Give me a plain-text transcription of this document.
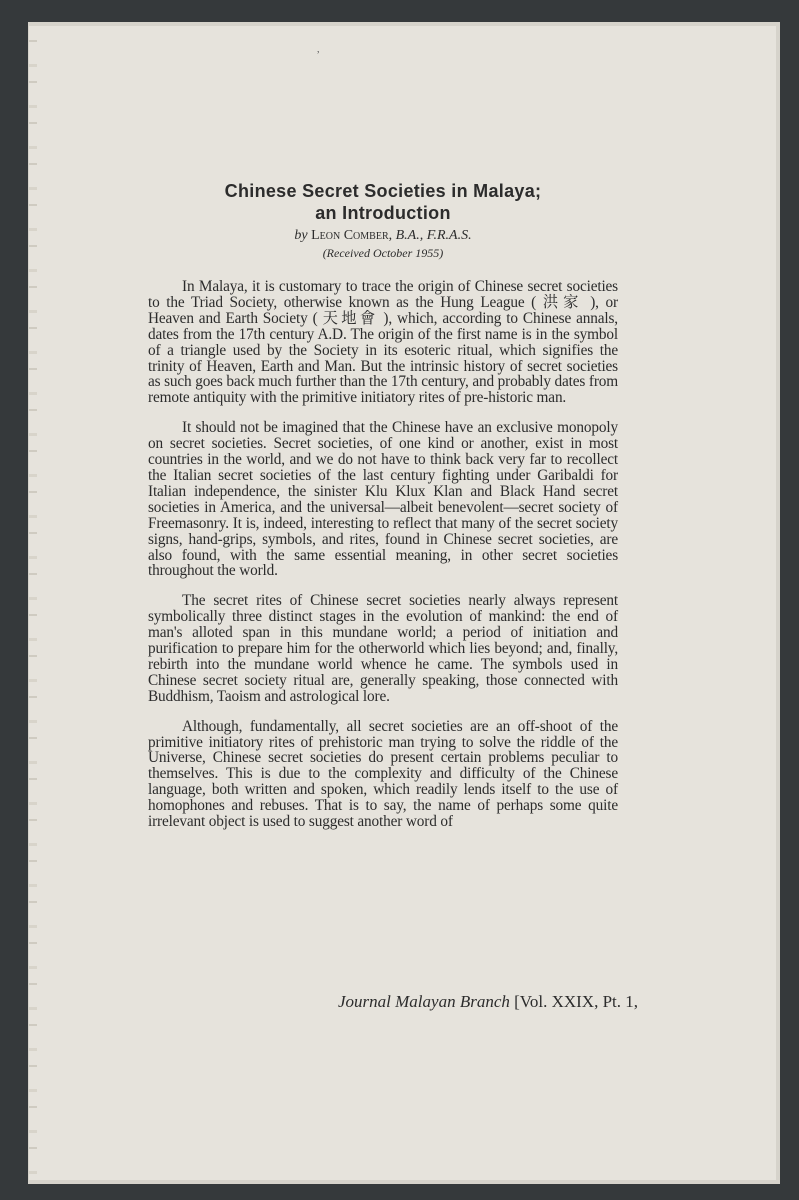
,
Chinese Secret Societies in Malaya;
an Introduction
by Leon Comber, B.A., F.R.A.S.
(Received October 1955)

In Malaya, it is customary to trace the origin of Chinese secret societies to the Triad Society, otherwise known as the Hung League ( 洪家 ), or Heaven and Earth Society ( 天地會 ), which, according to Chinese annals, dates from the 17th century A.D. The origin of the first name is in the symbol of a triangle used by the Society in its esoteric ritual, which signifies the trinity of Heaven, Earth and Man. But the intrinsic history of secret societies as such goes back much further than the 17th century, and probably dates from remote antiquity with the primitive initiatory rites of pre-historic man.

It should not be imagined that the Chinese have an exclusive monopoly on secret societies. Secret societies, of one kind or another, exist in most countries in the world, and we do not have to think back very far to recollect the Italian secret societies of the last century fighting under Garibaldi for Italian independence, the sinister Klu Klux Klan and Black Hand secret societies in America, and the universal—albeit benevolent—secret society of Freemasonry. It is, indeed, interesting to reflect that many of the secret society signs, hand-grips, symbols, and rites, found in Chinese secret societies, are also found, with the same essential meaning, in other secret societies throughout the world.

The secret rites of Chinese secret societies nearly always represent symbolically three distinct stages in the evolution of mankind: the end of man's alloted span in this mundane world; a period of initiation and purification to prepare him for the otherworld which lies beyond; and, finally, rebirth into the mundane world whence he came. The symbols used in Chinese secret society ritual are, generally speaking, those connected with Buddhism, Taoism and astrological lore.

Although, fundamentally, all secret societies are an off-shoot of the primitive initiatory rites of prehistoric man trying to solve the riddle of the Universe, Chinese secret societies do present certain problems peculiar to themselves. This is due to the complexity and difficulty of the Chinese language, both written and spoken, which readily lends itself to the use of homophones and rebuses. That is to say, the name of perhaps some quite irrelevant object is used to suggest another word of

Journal Malayan Branch [Vol. XXIX, Pt. 1,
